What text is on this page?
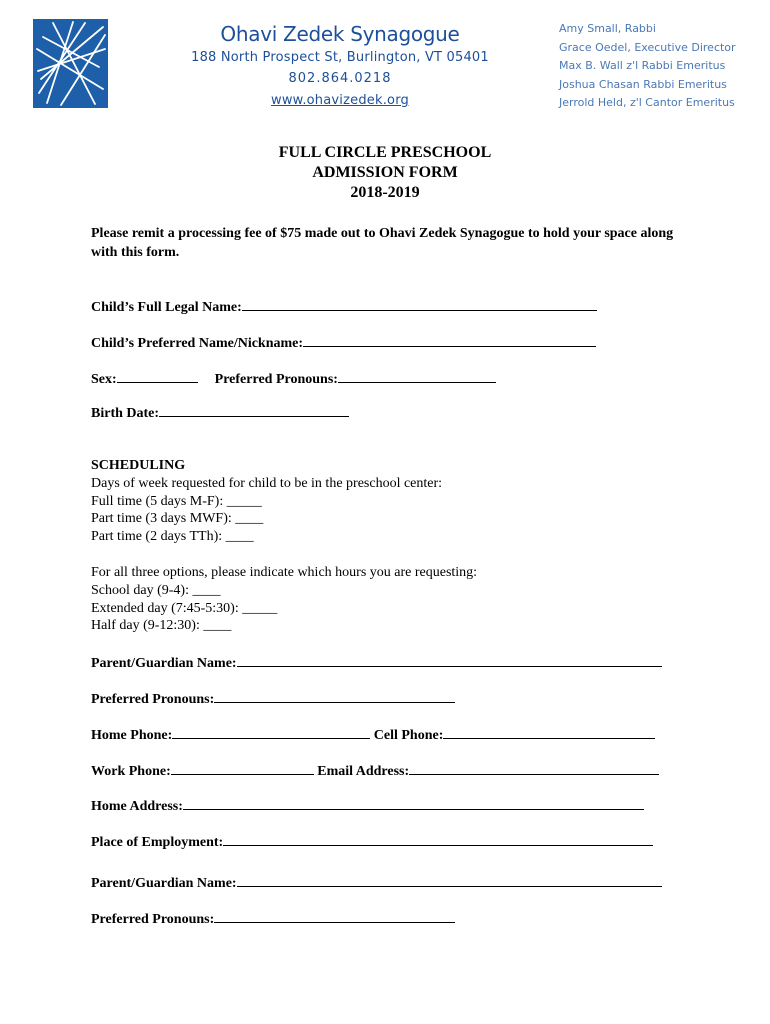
Ohavi Zedek Synagogue
188 North Prospect St, Burlington, VT 05401
802.864.0218
www.ohavizedek.org
Amy Small, Rabbi
Grace Oedel, Executive Director
Max B. Wall z'l Rabbi Emeritus
Joshua Chasan Rabbi Emeritus
Jerrold Held, z'l Cantor Emeritus
FULL CIRCLE PRESCHOOL
ADMISSION FORM
2018-2019
Please remit a processing fee of $75 made out to Ohavi Zedek Synagogue to hold your space along with this form.
Child’s Full Legal Name:
Child’s Preferred Name/Nickname:
Sex:	Preferred Pronouns:
Birth Date:
SCHEDULING
Days of week requested for child to be in the preschool center:
Full time (5 days M-F): _____
Part time (3 days MWF): ____
Part time (2 days TTh): ____
For all three options, please indicate which hours you are requesting:
School day (9-4): ____
Extended day (7:45-5:30): _____
Half day (9-12:30): ____
Parent/Guardian Name:
Preferred Pronouns:
Home Phone:	Cell Phone:
Work Phone:	Email Address:
Home Address:
Place of Employment:
Parent/Guardian Name:
Preferred Pronouns:
